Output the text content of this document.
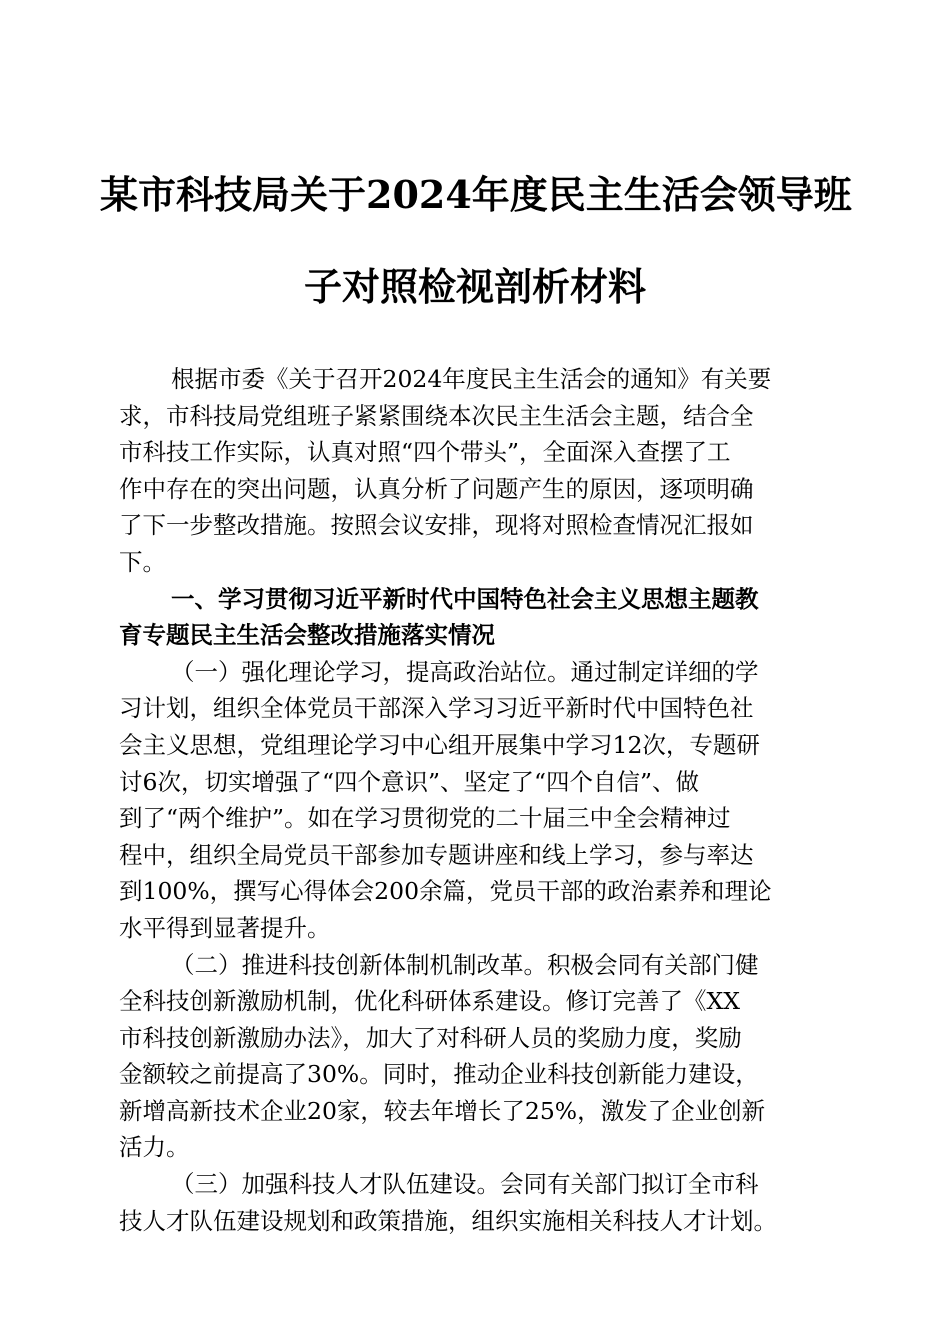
某市科技局关于2024年度民主生活会领导班
子对照检视剖析材料
根据市委《关于召开2024年度民主生活会的通知》有关要
求，市科技局党组班子紧紧围绕本次民主生活会主题，结合全
市科技工作实际，认真对照“四个带头”，全面深入查摆了工
作中存在的突出问题，认真分析了问题产生的原因，逐项明确
了下一步整改措施。按照会议安排，现将对照检查情况汇报如
下。
一、学习贯彻习近平新时代中国特色社会主义思想主题教
育专题民主生活会整改措施落实情况
（一）强化理论学习，提高政治站位。通过制定详细的学
习计划，组织全体党员干部深入学习习近平新时代中国特色社
会主义思想，党组理论学习中心组开展集中学习12次，专题研
讨6次，切实增强了“四个意识”、坚定了“四个自信”、做
到了“两个维护”。如在学习贯彻党的二十届三中全会精神过
程中，组织全局党员干部参加专题讲座和线上学习，参与率达
到100%，撰写心得体会200余篇，党员干部的政治素养和理论
水平得到显著提升。
（二）推进科技创新体制机制改革。积极会同有关部门健
全科技创新激励机制，优化科研体系建设。修订完善了《XX
市科技创新激励办法》，加大了对科研人员的奖励力度，奖励
金额较之前提高了30%。同时，推动企业科技创新能力建设，
新增高新技术企业20家，较去年增长了25%，激发了企业创新
活力。
（三）加强科技人才队伍建设。会同有关部门拟订全市科
技人才队伍建设规划和政策措施，组织实施相关科技人才计划。
